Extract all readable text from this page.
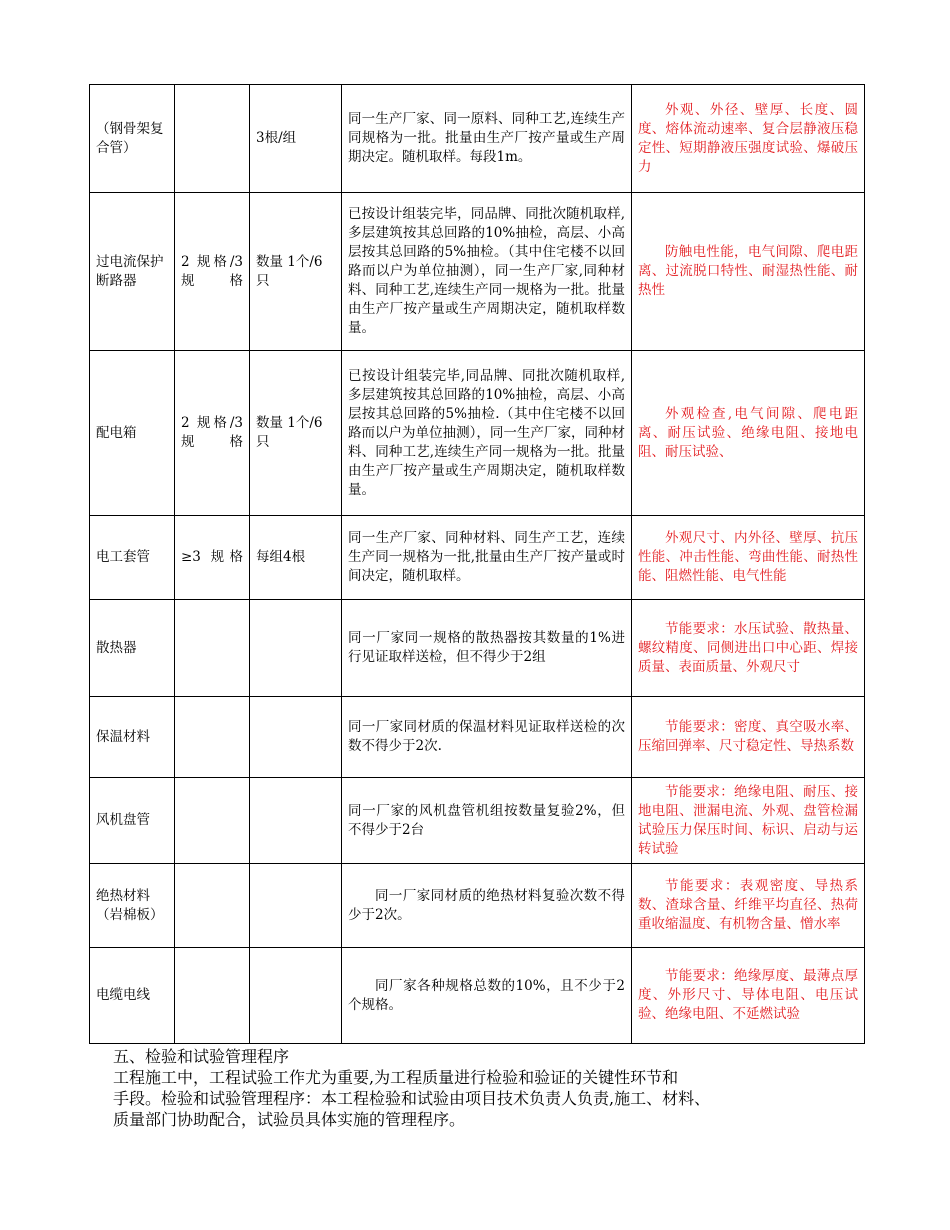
（钢骨架复合管）		3根/组	同一生产厂家、同一原料、同种工艺,连续生产同规格为一批。批量由生产厂按产量或生产周期决定。随机取样。每段1m。	外观、外径、壁厚、长度、圆度、熔体流动速率、复合层静液压稳定性、短期静液压强度试验、爆破压力
过电流保护断路器	2 规格/3规格	数量 1个/6只	已按设计组装完毕，同品牌、同批次随机取样,多层建筑按其总回路的10%抽检，高层、小高层按其总回路的5%抽检。（其中住宅楼不以回路而以户为单位抽测），同一生产厂家,同种材料、同种工艺,连续生产同一规格为一批。批量由生产厂按产量或生产周期决定，随机取样数量。	防触电性能，电气间隙、爬电距离、过流脱口特性、耐湿热性能、耐热性
配电箱	2 规格/3规格	数量 1个/6只	已按设计组装完毕,同品牌、同批次随机取样,多层建筑按其总回路的10%抽检，高层、小高层按其总回路的5%抽检.（其中住宅楼不以回路而以户为单位抽测），同一生产厂家，同种材料、同种工艺,连续生产同一规格为一批。批量由生产厂按产量或生产周期决定，随机取样数量。	外观检查,电气间隙、爬电距离、耐压试验、绝缘电阻、接地电阻、耐压试验、
电工套管	≥3 规格	每组4根	同一生产厂家、同种材料、同生产工艺，连续生产同一规格为一批,批量由生产厂按产量或时间决定，随机取样。	外观尺寸、内外径、壁厚、抗压性能、冲击性能、弯曲性能、耐热性能、阻燃性能、电气性能
散热器			同一厂家同一规格的散热器按其数量的1%进行见证取样送检，但不得少于2组	节能要求：水压试验、散热量、螺纹精度、同侧进出口中心距、焊接质量、表面质量、外观尺寸
保温材料			同一厂家同材质的保温材料见证取样送检的次数不得少于2次.	节能要求：密度、真空吸水率、压缩回弹率、尺寸稳定性、导热系数
风机盘管			同一厂家的风机盘管机组按数量复验2%，但不得少于2台	节能要求：绝缘电阻、耐压、接地电阻、泄漏电流、外观、盘管检漏试验压力保压时间、标识、启动与运转试验
绝热材料（岩棉板）			同一厂家同材质的绝热材料复验次数不得少于2次。	节能要求：表观密度、导热系数、渣球含量、纤维平均直径、热荷重收缩温度、有机物含量、憎水率
电缆电线			同厂家各种规格总数的10%，且不少于2个规格。	节能要求：绝缘厚度、最薄点厚度、外形尺寸、导体电阻、电压试验、绝缘电阻、不延燃试验

五、检验和试验管理程序

工程施工中，工程试验工作尤为重要,为工程质量进行检验和验证的关键性环节和

手段。检验和试验管理程序：本工程检验和试验由项目技术负责人负责,施工、材料、

质量部门协助配合，试验员具体实施的管理程序。
